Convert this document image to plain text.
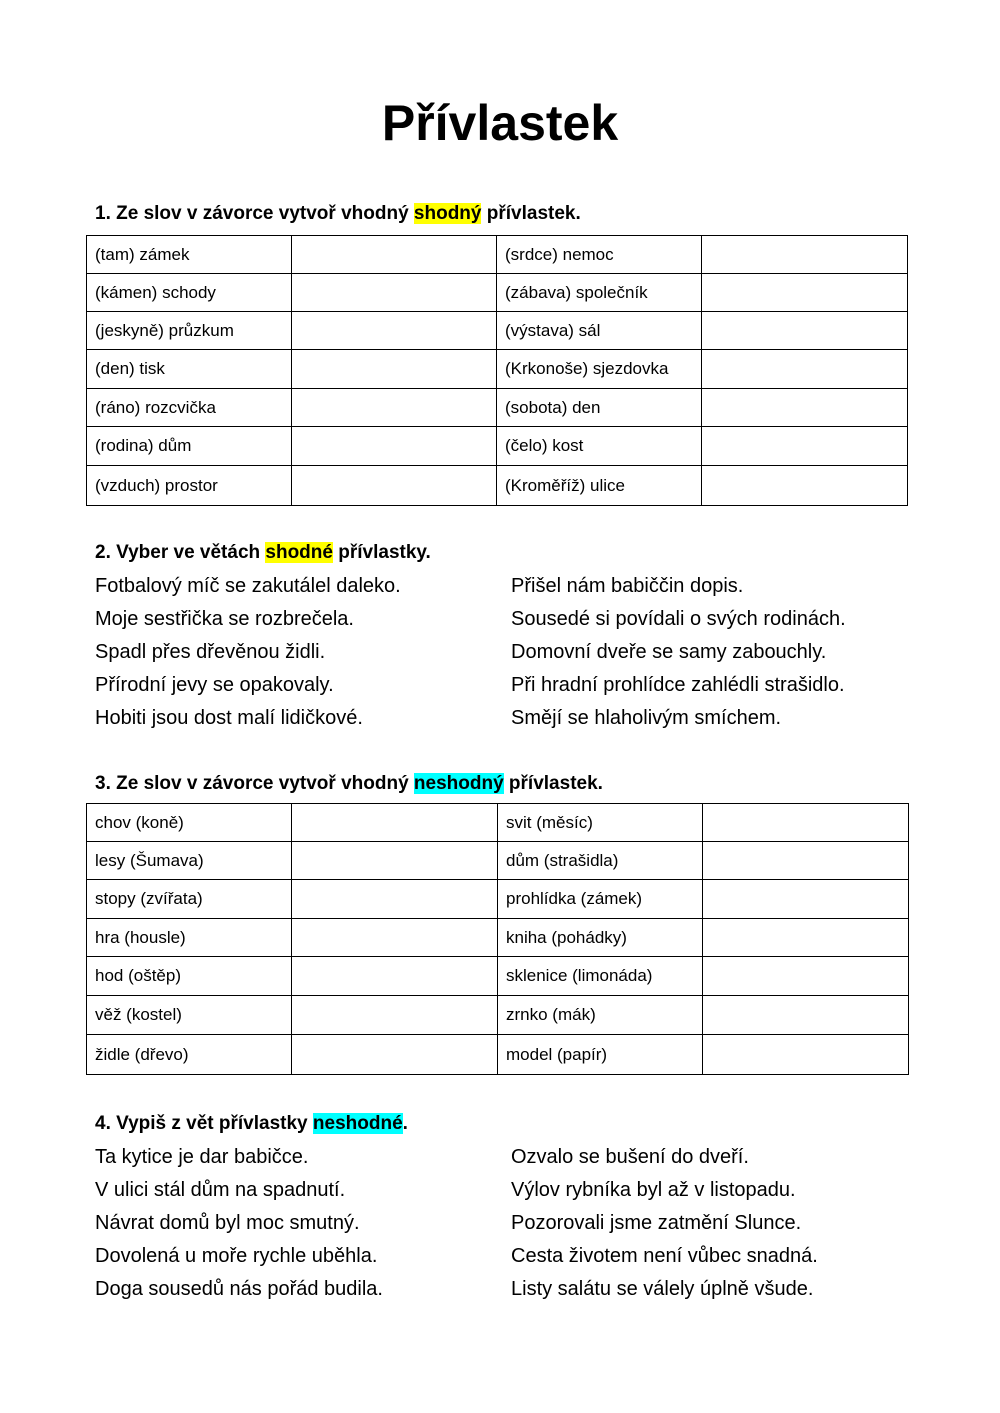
Přívlastek
1. Ze slov v závorce vytvoř vhodný shodný přívlastek.
(tam) zámek		(srdce) nemoc	
(kámen) schody		(zábava) společník	
(jeskyně) průzkum		(výstava) sál	
(den) tisk		(Krkonoše) sjezdovka	
(ráno) rozcvička		(sobota) den	
(rodina) dům		(čelo) kost	
(vzduch) prostor		(Kroměříž) ulice	
2. Vyber ve větách shodné přívlastky.
Fotbalový míč se zakutálel daleko.
Moje sestřička se rozbrečela.
Spadl přes dřevěnou židli.
Přírodní jevy se opakovaly.
Hobiti jsou dost malí lidičkové.
Přišel nám babiččin dopis.
Sousedé si povídali o svých rodinách.
Domovní dveře se samy zabouchly.
Při hradní prohlídce zahlédli strašidlo.
Smějí se hlaholivým smíchem.
3. Ze slov v závorce vytvoř vhodný neshodný přívlastek.
chov (koně)		svit (měsíc)	
lesy (Šumava)		dům (strašidla)	
stopy (zvířata)		prohlídka (zámek)	
hra (housle)		kniha (pohádky)	
hod (oštěp)		sklenice (limonáda)	
věž (kostel)		zrnko (mák)	
židle (dřevo)		model (papír)	
4. Vypiš z vět přívlastky neshodné.
Ta kytice je dar babičce.
V ulici stál dům na spadnutí.
Návrat domů byl moc smutný.
Dovolená u moře rychle uběhla.
Doga sousedů nás pořád budila.
Ozvalo se bušení do dveří.
Výlov rybníka byl až v listopadu.
Pozorovali jsme zatmění Slunce.
Cesta životem není vůbec snadná.
Listy salátu se válely úplně všude.
